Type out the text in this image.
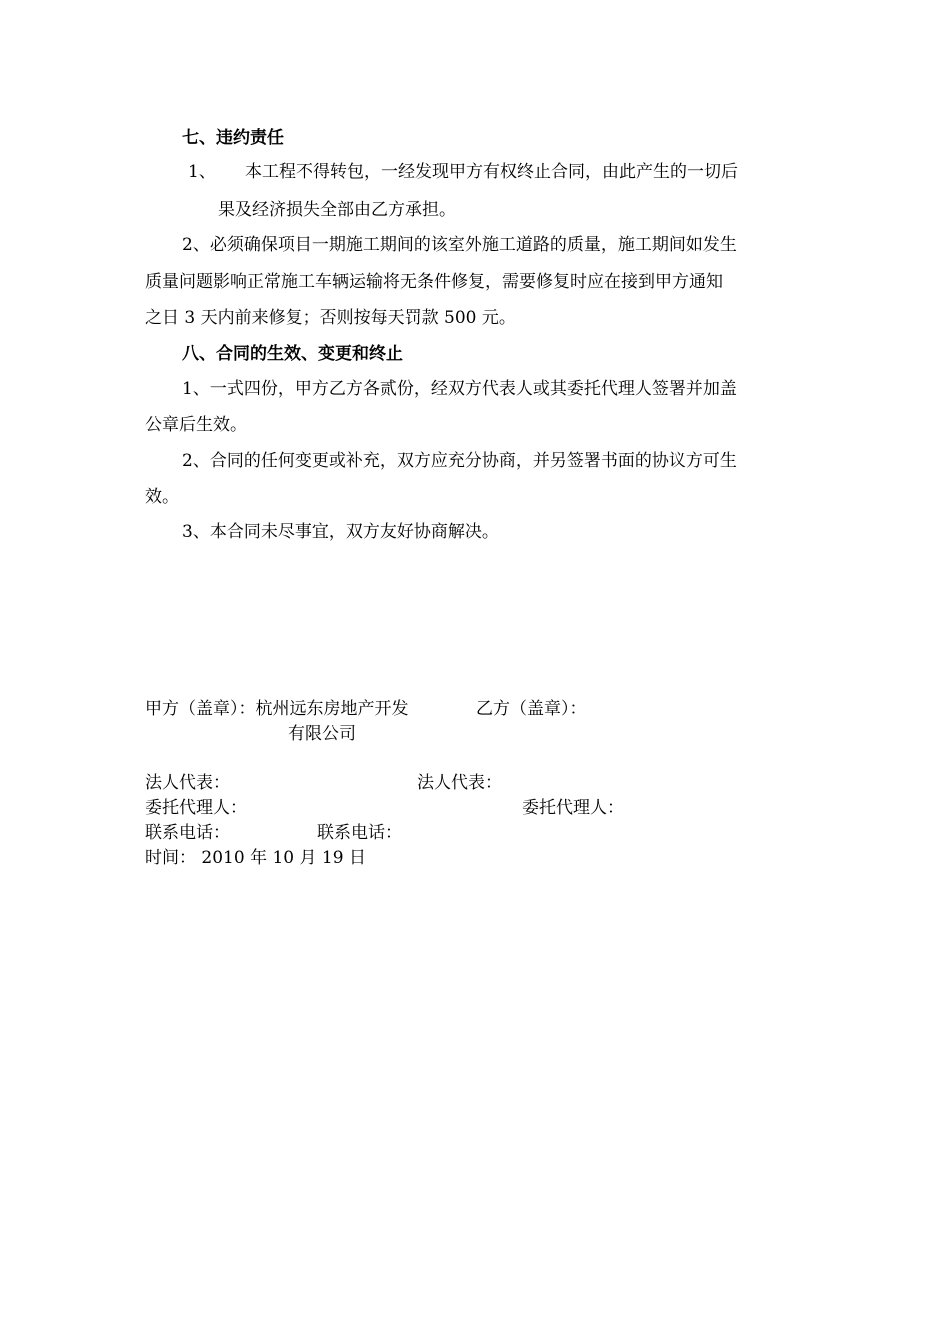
七、违约责任
1、 本工程不得转包，一经发现甲方有权终止合同，由此产生的一切后
果及经济损失全部由乙方承担。
2、必须确保项目一期施工期间的该室外施工道路的质量，施工期间如发生
质量问题影响正常施工车辆运输将无条件修复，需要修复时应在接到甲方通知
之日 3 天内前来修复；否则按每天罚款 500 元。
八、合同的生效、变更和终止
1、一式四份，甲方乙方各贰份，经双方代表人或其委托代理人签署并加盖
公章后生效。
2、合同的任何变更或补充，双方应充分协商，并另签署书面的协议方可生
效。
3、本合同未尽事宜，双方友好协商解决。
甲方（盖章）：杭州远东房地产开发	乙方（盖章）：
有限公司
法人代表：	法人代表：
委托代理人：	委托代理人：
联系电话：	联系电话：
时间： 2010 年 10 月 19 日
